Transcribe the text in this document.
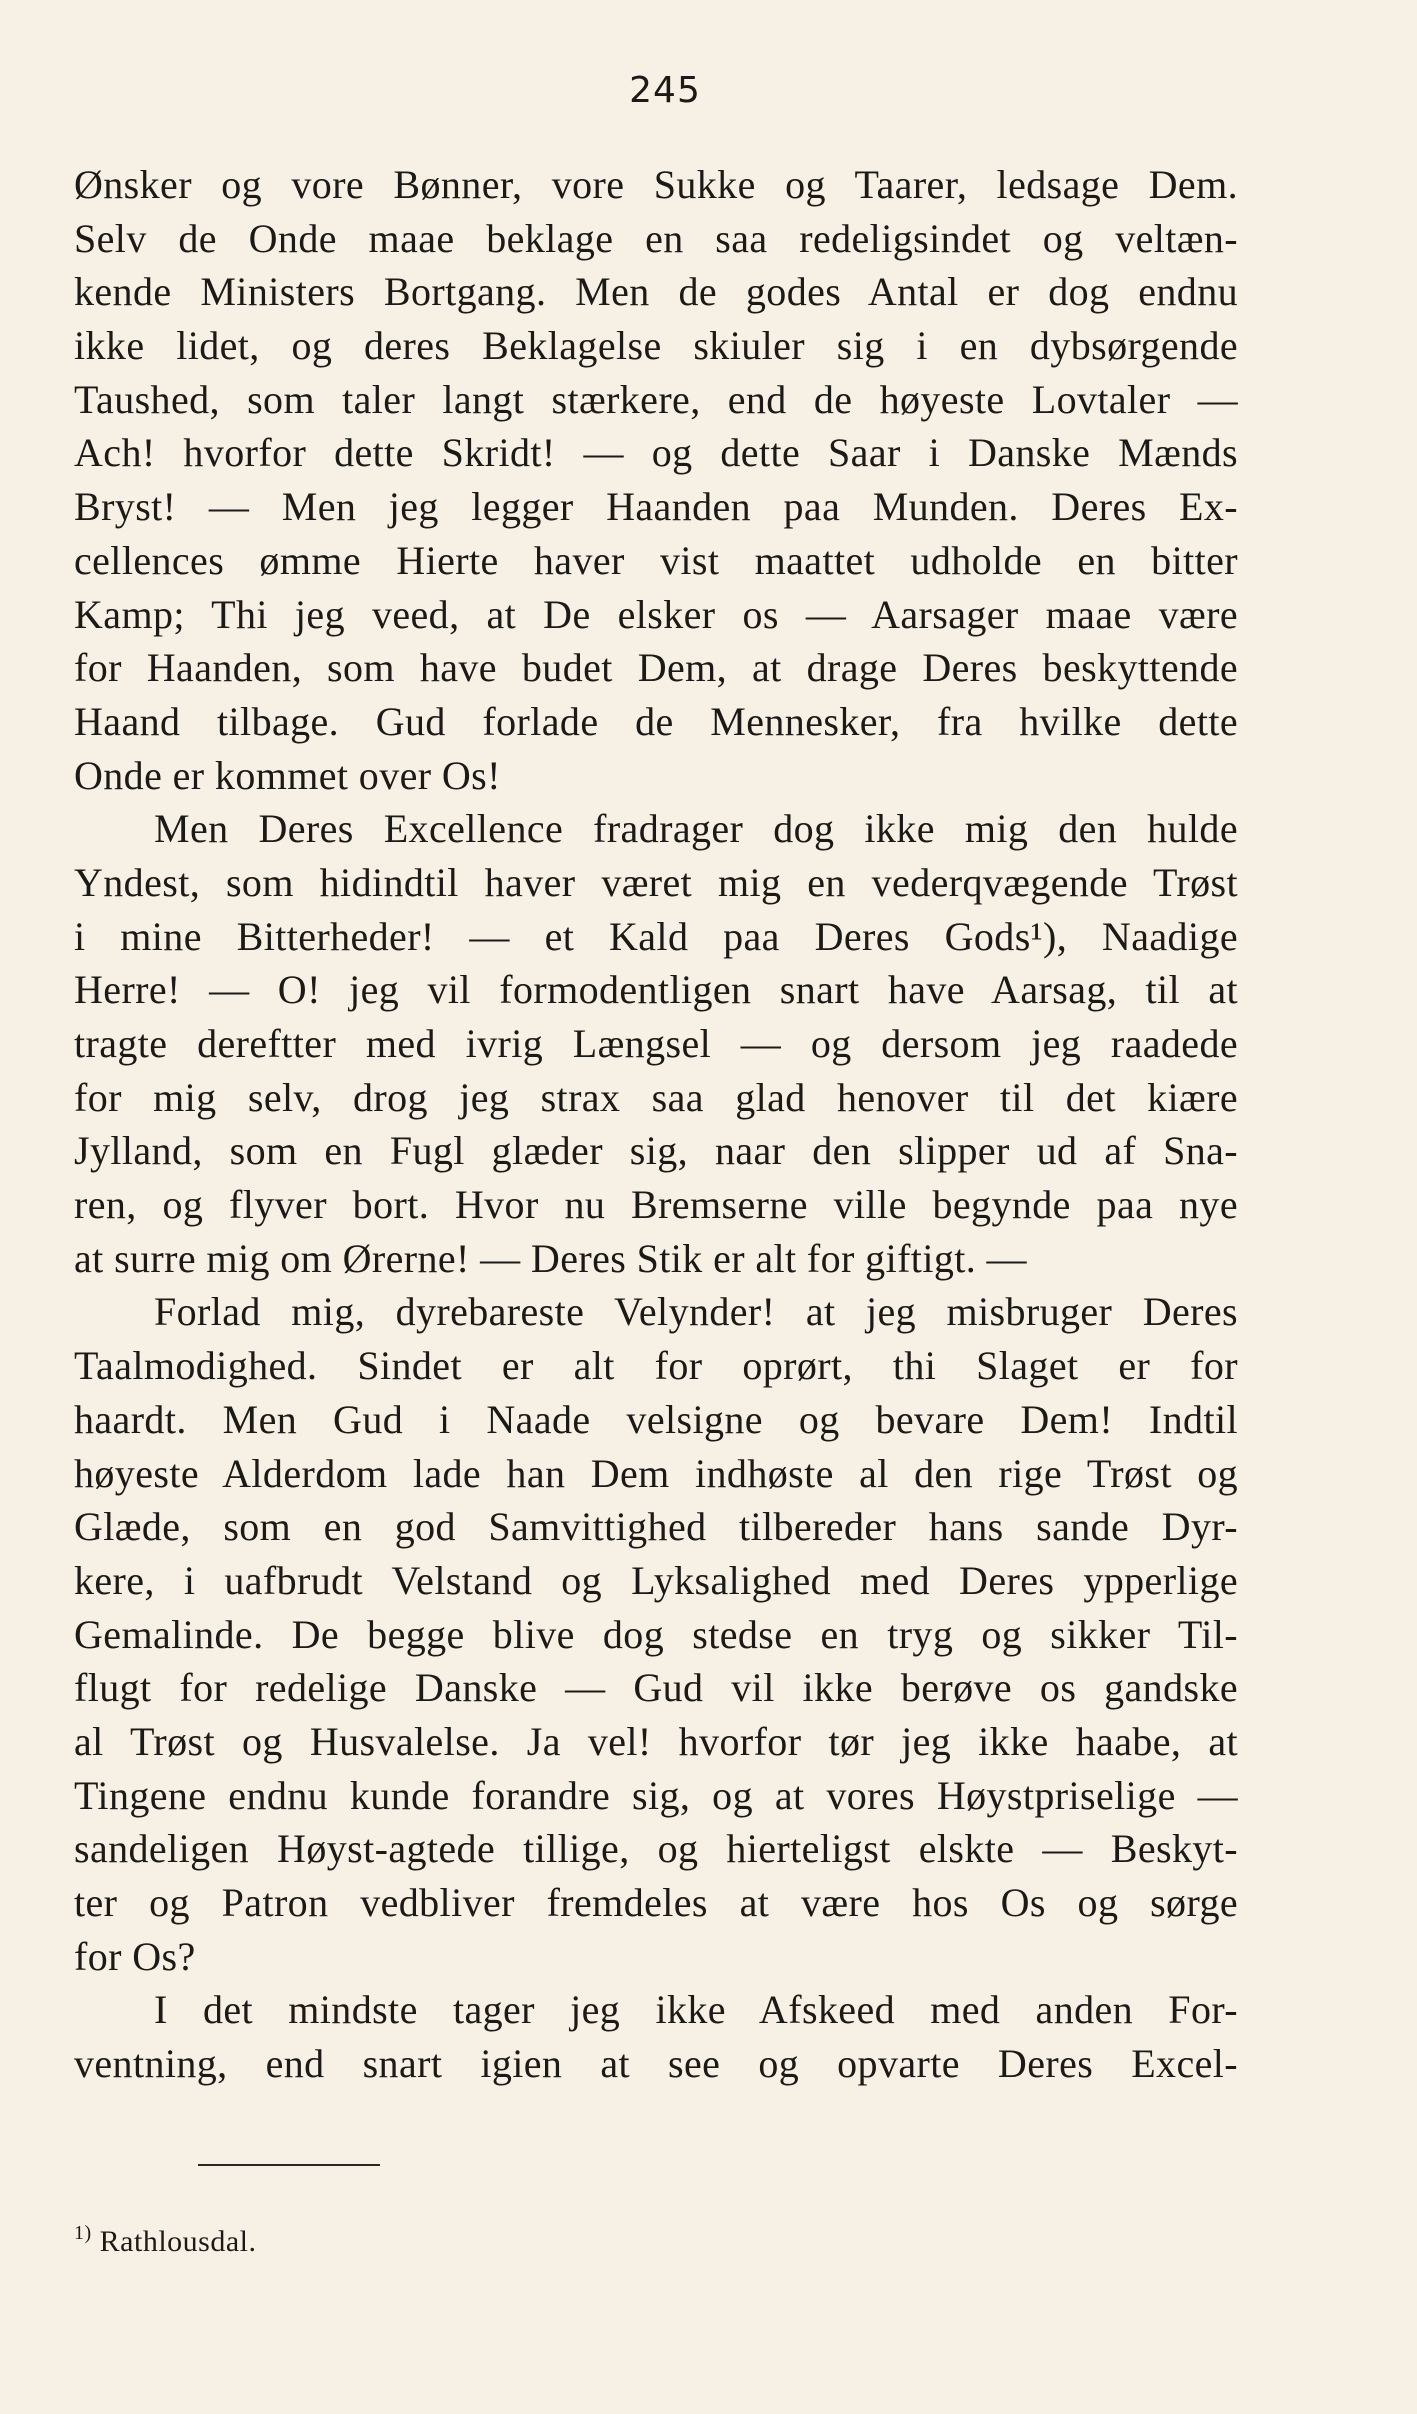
245
Ønsker og vore Bønner, vore Sukke og Taarer, ledsage Dem.
Selv de Onde maae beklage en saa redeligsindet og veltæn-
kende Ministers Bortgang. Men de godes Antal er dog endnu
ikke lidet, og deres Beklagelse skiuler sig i en dybsørgende
Taushed, som taler langt stærkere, end de høyeste Lovtaler —
Ach! hvorfor dette Skridt! — og dette Saar i Danske Mænds
Bryst! — Men jeg legger Haanden paa Munden. Deres Ex-
cellences ømme Hierte haver vist maattet udholde en bitter
Kamp; Thi jeg veed, at De elsker os — Aarsager maae være
for Haanden, som have budet Dem, at drage Deres beskyttende
Haand tilbage. Gud forlade de Mennesker, fra hvilke dette
Onde er kommet over Os!
Men Deres Excellence fradrager dog ikke mig den hulde
Yndest, som hidindtil haver været mig en vederqvægende Trøst
i mine Bitterheder! — et Kald paa Deres Gods¹), Naadige
Herre! — O! jeg vil formodentligen snart have Aarsag, til at
tragte dereftter med ivrig Længsel — og dersom jeg raadede
for mig selv, drog jeg strax saa glad henover til det kiære
Jylland, som en Fugl glæder sig, naar den slipper ud af Sna-
ren, og flyver bort. Hvor nu Bremserne ville begynde paa nye
at surre mig om Ørerne! — Deres Stik er alt for giftigt. —
Forlad mig, dyrebareste Velynder! at jeg misbruger Deres
Taalmodighed. Sindet er alt for oprørt, thi Slaget er for
haardt. Men Gud i Naade velsigne og bevare Dem! Indtil
høyeste Alderdom lade han Dem indhøste al den rige Trøst og
Glæde, som en god Samvittighed tilbereder hans sande Dyr-
kere, i uafbrudt Velstand og Lyksalighed med Deres ypperlige
Gemalinde. De begge blive dog stedse en tryg og sikker Til-
flugt for redelige Danske — Gud vil ikke berøve os gandske
al Trøst og Husvalelse. Ja vel! hvorfor tør jeg ikke haabe, at
Tingene endnu kunde forandre sig, og at vores Høystpriselige —
sandeligen Høyst-agtede tillige, og hierteligst elskte — Beskyt-
ter og Patron vedbliver fremdeles at være hos Os og sørge
for Os?
I det mindste tager jeg ikke Afskeed med anden For-
ventning, end snart igien at see og opvarte Deres Excel-
$^{1)}$ Rathlousdal.
